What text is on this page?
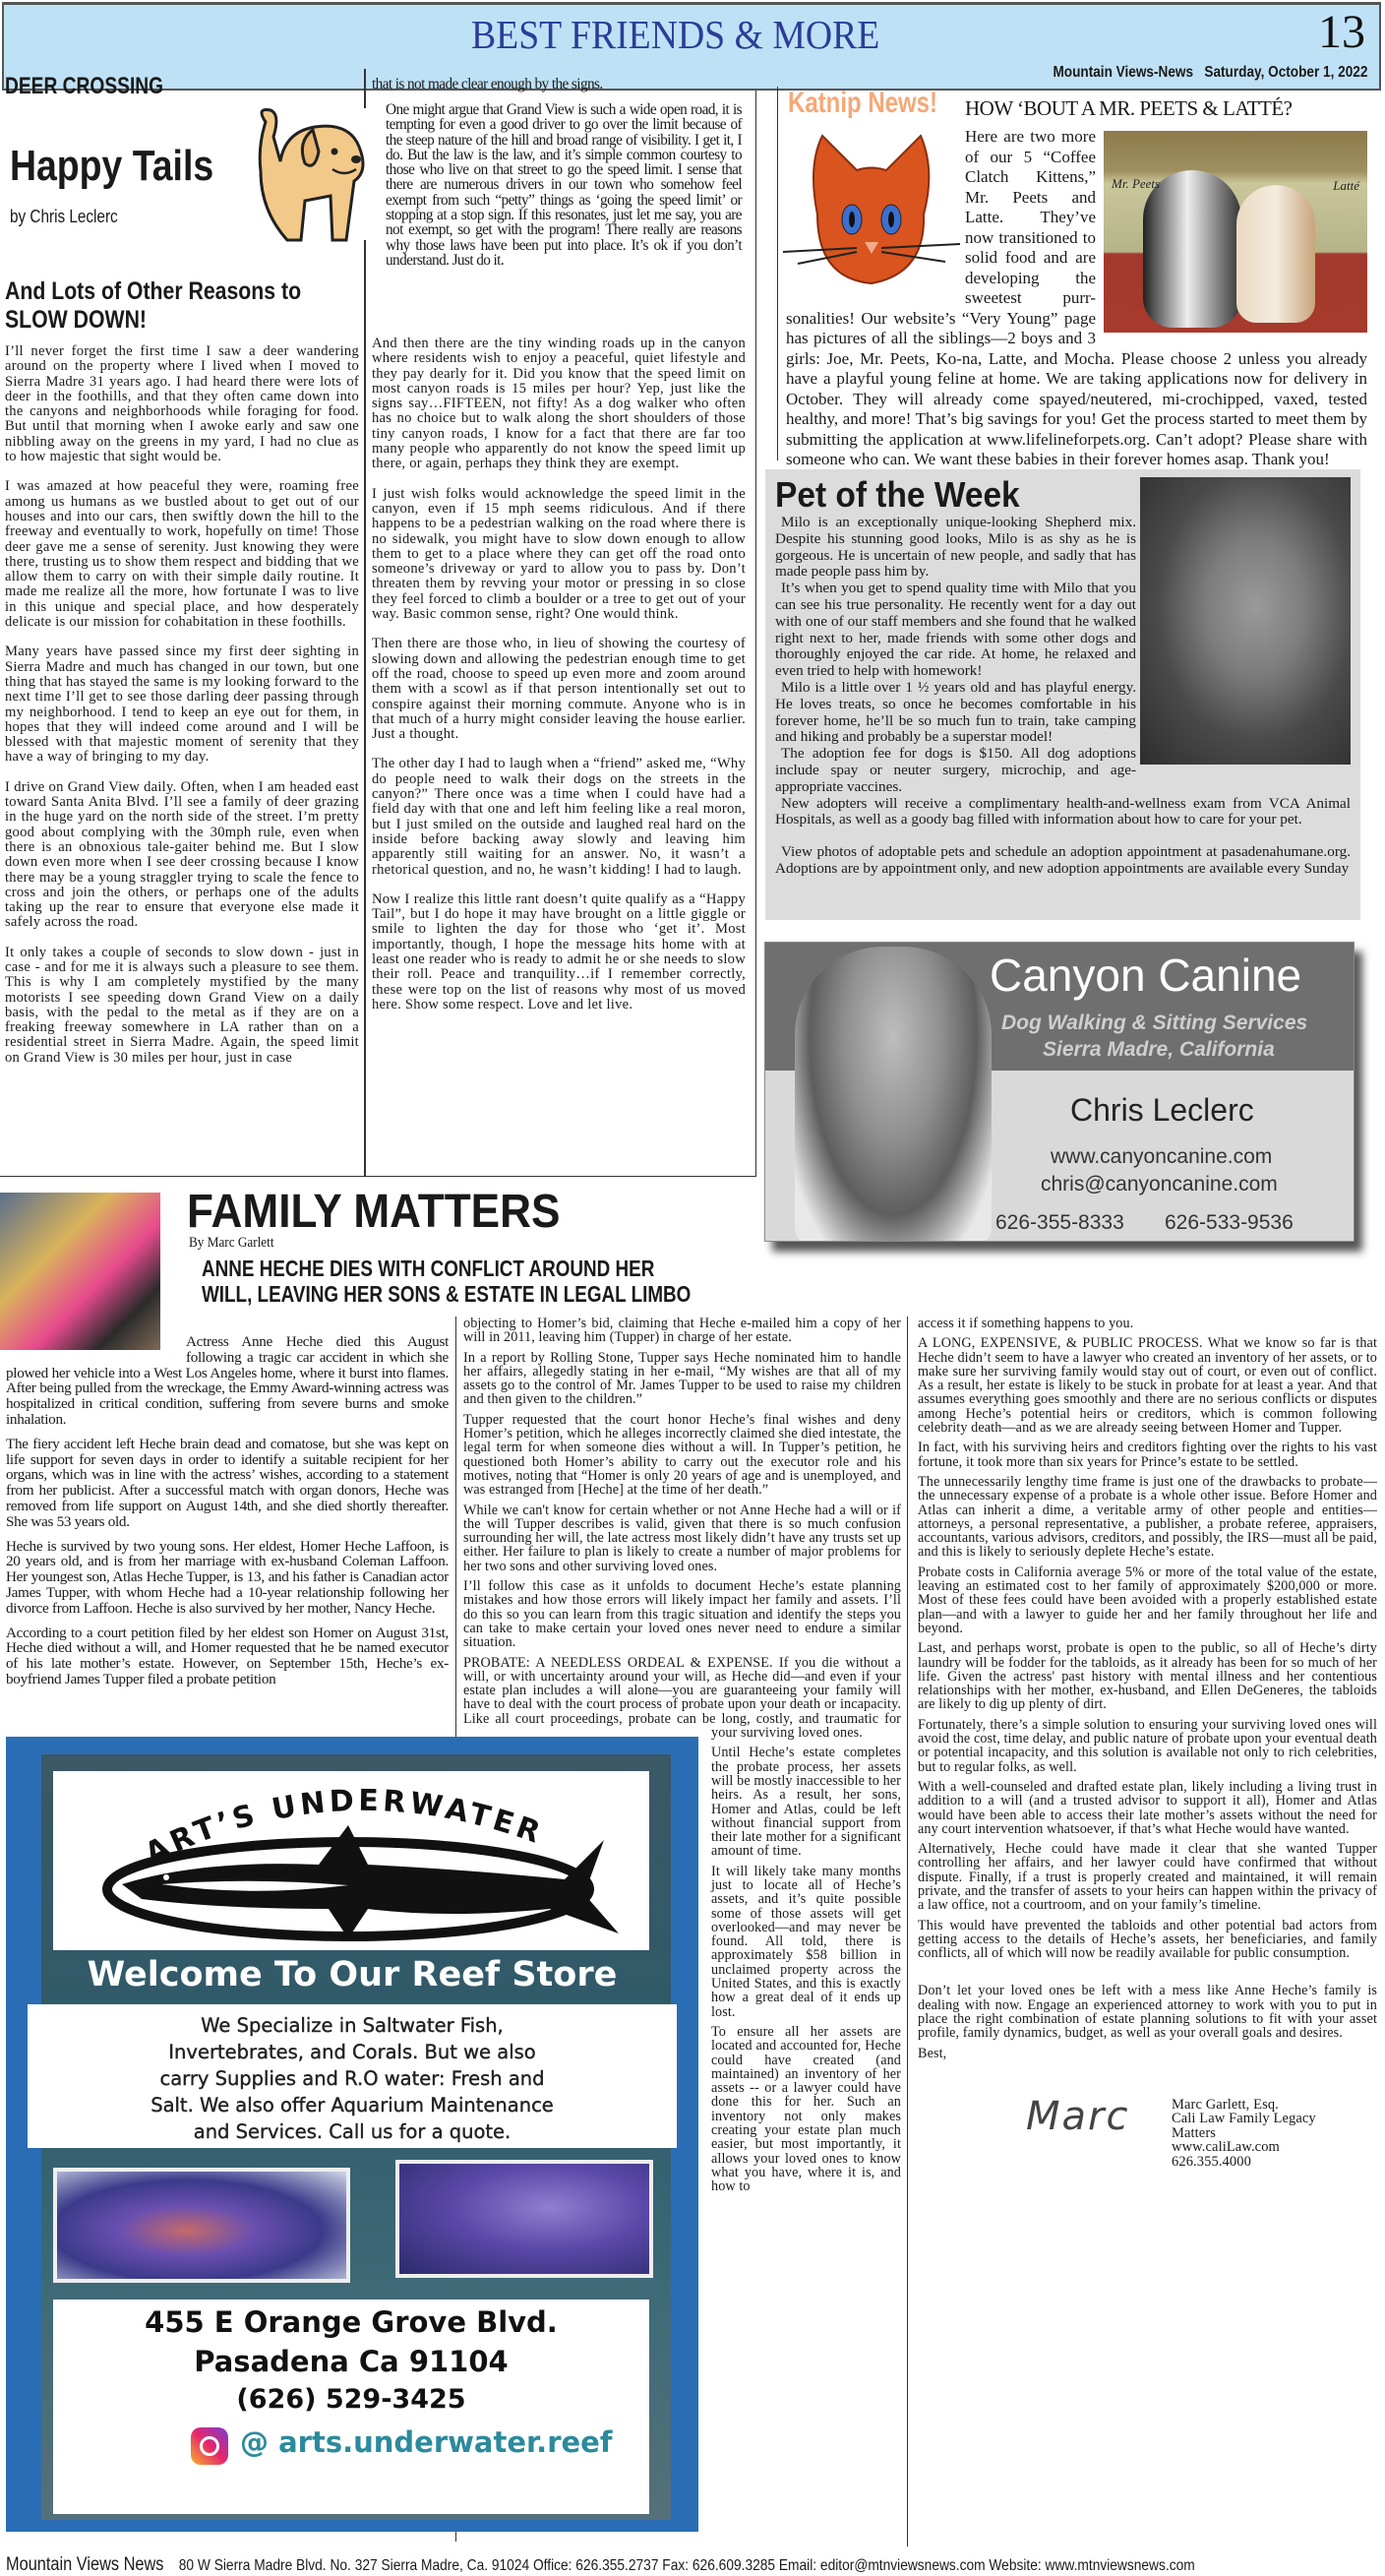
BEST FRIENDS & MORE	13
Mountain Views-News Saturday, October 1, 2022
DEER CROSSING
Happy Tails
by Chris Leclerc
And Lots of Other Reasons to SLOW DOWN!

I’ll never forget the first time I saw a deer wandering around on the property where I lived when I moved to Sierra Madre 31 years ago. I had heard there were lots of deer in the foothills, and that they often came down into the canyons and neighborhoods while foraging for food. But until that morning when I awoke early and saw one nibbling away on the greens in my yard, I had no clue as to how majestic that sight would be.

I was amazed at how peaceful they were, roaming free among us humans as we bustled about to get out of our houses and into our cars, then swiftly down the hill to the freeway and eventually to work, hopefully on time! Those deer gave me a sense of serenity. Just knowing they were there, trusting us to show them respect and bidding that we allow them to carry on with their simple daily routine. It made me realize all the more, how fortunate I was to live in this unique and special place, and how desperately delicate is our mission for cohabitation in these foothills.

Many years have passed since my first deer sighting in Sierra Madre and much has changed in our town, but one thing that has stayed the same is my looking forward to the next time I’ll get to see those darling deer passing through my neighborhood. I tend to keep an eye out for them, in hopes that they will indeed come around and I will be blessed with that majestic moment of serenity that they have a way of bringing to my day.

I drive on Grand View daily. Often, when I am headed east toward Santa Anita Blvd. I’ll see a family of deer grazing in the huge yard on the north side of the street. I’m pretty good about complying with the 30mph rule, even when there is an obnoxious tale-gaiter behind me. But I slow down even more when I see deer crossing because I know there may be a young straggler trying to scale the fence to cross and join the others, or perhaps one of the adults taking up the rear to ensure that everyone else made it safely across the road.

It only takes a couple of seconds to slow down - just in case - and for me it is always such a pleasure to see them. This is why I am completely mystified by the many motorists I see speeding down Grand View on a daily basis, with the pedal to the metal as if they are on a freaking freeway somewhere in LA rather than on a residential street in Sierra Madre. Again, the speed limit on Grand View is 30 miles per hour, just in case

that is not made clear enough by the signs.
One might argue that Grand View is such a wide open road, it is tempting for even a good driver to go over the limit because of the steep nature of the hill and broad range of visibility. I get it, I do. But the law is the law, and it’s simple common courtesy to those who live on that street to go the speed limit. I sense that there are numerous drivers in our town who somehow feel exempt from such “petty” things as ‘going the speed limit’ or stopping at a stop sign. If this resonates, just let me say, you are not exempt, so get with the program! There really are reasons why those laws have been put into place. It’s ok if you don’t understand. Just do it.

And then there are the tiny winding roads up in the canyon where residents wish to enjoy a peaceful, quiet lifestyle and they pay dearly for it. Did you know that the speed limit on most canyon roads is 15 miles per hour? Yep, just like the signs say…FIFTEEN, not fifty! As a dog walker who often has no choice but to walk along the short shoulders of those tiny canyon roads, I know for a fact that there are far too many people who apparently do not know the speed limit up there, or again, perhaps they think they are exempt.

I just wish folks would acknowledge the speed limit in the canyon, even if 15 mph seems ridiculous. And if there happens to be a pedestrian walking on the road where there is no sidewalk, you might have to slow down enough to allow them to get to a place where they can get off the road onto someone’s driveway or yard to allow you to pass by. Don’t threaten them by revving your motor or pressing in so close they feel forced to climb a boulder or a tree to get out of your way. Basic common sense, right? One would think.

Then there are those who, in lieu of showing the courtesy of slowing down and allowing the pedestrian enough time to get off the road, choose to speed up even more and zoom around them with a scowl as if that person intentionally set out to conspire against their morning commute. Anyone who is in that much of a hurry might consider leaving the house earlier. Just a thought.

The other day I had to laugh when a “friend” asked me, “Why do people need to walk their dogs on the streets in the canyon?” There once was a time when I could have had a field day with that one and left him feeling like a real moron, but I just smiled on the outside and laughed real hard on the inside before backing away slowly and leaving him apparently still waiting for an answer. No, it wasn’t a rhetorical question, and no, he wasn’t kidding! I had to laugh.

Now I realize this little rant doesn’t quite qualify as a “Happy Tail”, but I do hope it may have brought on a little giggle or smile to lighten the day for those who ‘get it’. Most importantly, though, I hope the message hits home with at least one reader who is ready to admit he or she needs to slow their roll. Peace and tranquility…if I remember correctly, these were top on the list of reasons why most of us moved here. Show some respect. Love and let live.

Katnip News!	HOW ‘BOUT A MR. PEETS & LATTÉ?
Mr. Peets	Latté
Here are two more of our 5 “Coffee Clatch Kittens,” Mr. Peets and Latte. They’ve now transitioned to solid food and are developing the sweetest purr-sonalities! Our website’s “Very Young” page has pictures of all the siblings—2 boys and 3 girls: Joe, Mr. Peets, Ko-na, Latte, and Mocha. Please choose 2 unless you already have a playful young feline at home. We are taking applications now for delivery in October. They will already come spayed/neutered, mi-crochipped, vaxed, tested healthy, and more! That’s big savings for you! Get the process started to meet them by submitting the application at www.lifelineforpets.org. Can’t adopt? Please share with someone who can. We want these babies in their forever homes asap. Thank you!
Pet of the Week

Milo is an exceptionally unique-looking Shepherd mix. Despite his stunning good looks, Milo is as shy as he is gorgeous. He is uncertain of new people, and sadly that has made people pass him by.

It’s when you get to spend quality time with Milo that you can see his true personality. He recently went for a day out with one of our staff members and she found that he walked right next to her, made friends with some other dogs and thoroughly enjoyed the car ride. At home, he relaxed and even tried to help with homework!

Milo is a little over 1 ½ years old and has playful energy. He loves treats, so once he becomes comfortable in his forever home, he’ll be so much fun to train, take camping and hiking and probably be a superstar model!

The adoption fee for dogs is $150. All dog adoptions include spay or neuter surgery, microchip, and age-appropriate vaccines.

New adopters will receive a complimentary health-and-wellness exam from VCA Animal Hospitals, as well as a goody bag filled with information about how to care for your pet.

View photos of adoptable pets and schedule an adoption appointment at pasadenahumane.org. Adoptions are by appointment only, and new adoption appointments are available every Sunday

Canyon Canine
Dog Walking & Sitting Services
Sierra Madre, California
Chris Leclerc
www.canyoncanine.com
chris@canyoncanine.com
626-355-8333 626-533-9536
FAMILY MATTERS
By Marc Garlett
ANNE HECHE DIES WITH CONFLICT AROUND HER
WILL, LEAVING HER SONS & ESTATE IN LEGAL LIMBO

Actress Anne Heche died this August following a tragic car accident in which she plowed her vehicle into a West Los Angeles home, where it burst into flames. After being pulled from the wreckage, the Emmy Award-winning actress was hospitalized in critical condition, suffering from severe burns and smoke inhalation.

The fiery accident left Heche brain dead and comatose, but she was kept on life support for seven days in order to identify a suitable recipient for her organs, which was in line with the actress’ wishes, according to a statement from her publicist. After a successful match with organ donors, Heche was removed from life support on August 14th, and she died shortly thereafter. She was 53 years old.

Heche is survived by two young sons. Her eldest, Homer Heche Laffoon, is 20 years old, and is from her marriage with ex-husband Coleman Laffoon. Her youngest son, Atlas Heche Tupper, is 13, and his father is Canadian actor James Tupper, with whom Heche had a 10-year relationship following her divorce from Laffoon. Heche is also survived by her mother, Nancy Heche.

According to a court petition filed by her eldest son Homer on August 31st, Heche died without a will, and Homer requested that he be named executor of his late mother’s estate. However, on September 15th, Heche’s ex-boyfriend James Tupper filed a probate petition

objecting to Homer’s bid, claiming that Heche e-mailed him a copy of her will in 2011, leaving him (Tupper) in charge of her estate.

In a report by Rolling Stone, Tupper says Heche nominated him to handle her affairs, allegedly stating in her e-mail, “My wishes are that all of my assets go to the control of Mr. James Tupper to be used to raise my children and then given to the children.”

Tupper requested that the court honor Heche’s final wishes and deny Homer’s petition, which he alleges incorrectly claimed she died intestate, the legal term for when someone dies without a will. In Tupper’s petition, he questioned both Homer’s ability to carry out the executor role and his motives, noting that “Homer is only 20 years of age and is unemployed, and was estranged from [Heche] at the time of her death.”

While we can't know for certain whether or not Anne Heche had a will or if the will Tupper describes is valid, given that there is so much confusion surrounding her will, the late actress most likely didn’t have any trusts set up either. Her failure to plan is likely to create a number of major problems for her two sons and other surviving loved ones.

I’ll follow this case as it unfolds to document Heche’s estate planning mistakes and how those errors will likely impact her family and assets. I’ll do this so you can learn from this tragic situation and identify the steps you can take to make certain your loved ones never need to endure a similar situation.

PROBATE: A NEEDLESS ORDEAL & EXPENSE. If you die without a will, or with uncertainty around your will, as Heche did—and even if your estate plan includes a will alone—you are guaranteeing your family will have to deal with the court process of probate upon your death or incapacity. Like all court proceedings, probate can be long, costly, and traumatic for your surviving loved ones.

Until Heche’s estate completes the probate process, her assets will be mostly inaccessible to her heirs. As a result, her sons, Homer and Atlas, could be left without financial support from their late mother for a significant amount of time.

It will likely take many months just to locate all of Heche’s assets, and it’s quite possible some of those assets will get overlooked—and may never be found. All told, there is approximately $58 billion in unclaimed property across the United States, and this is exactly how a great deal of it ends up lost.

To ensure all her assets are located and accounted for, Heche could have created (and maintained) an inventory of her assets -- or a lawyer could have done this for her. Such an inventory not only makes creating your estate plan much easier, but most importantly, it allows your loved ones to know what you have, where it is, and how to

access it if something happens to you.

A LONG, EXPENSIVE, & PUBLIC PROCESS. What we know so far is that Heche didn’t seem to have a lawyer who created an inventory of her assets, or to make sure her surviving family would stay out of court, or even out of conflict. As a result, her estate is likely to be stuck in probate for at least a year. And that assumes everything goes smoothly and there are no serious conflicts or disputes among Heche’s potential heirs or creditors, which is common following celebrity death—and as we are already seeing between Homer and Tupper.

In fact, with his surviving heirs and creditors fighting over the rights to his vast fortune, it took more than six years for Prince’s estate to be settled.

The unnecessarily lengthy time frame is just one of the drawbacks to probate—the unnecessary expense of a probate is a whole other issue. Before Homer and Atlas can inherit a dime, a veritable army of other people and entities—attorneys, a personal representative, a publisher, a probate referee, appraisers, accountants, various advisors, creditors, and possibly, the IRS—must all be paid, and this is likely to seriously deplete Heche’s estate.

Probate costs in California average 5% or more of the total value of the estate, leaving an estimated cost to her family of approximately $200,000 or more. Most of these fees could have been avoided with a properly established estate plan—and with a lawyer to guide her and her family throughout her life and beyond.

Last, and perhaps worst, probate is open to the public, so all of Heche’s dirty laundry will be fodder for the tabloids, as it already has been for so much of her life. Given the actress' past history with mental illness and her contentious relationships with her mother, ex-husband, and Ellen DeGeneres, the tabloids are likely to dig up plenty of dirt.

Fortunately, there’s a simple solution to ensuring your surviving loved ones will avoid the cost, time delay, and public nature of probate upon your eventual death or potential incapacity, and this solution is available not only to rich celebrities, but to regular folks, as well.

With a well-counseled and drafted estate plan, likely including a living trust in addition to a will (and a trusted advisor to support it all), Homer and Atlas would have been able to access their late mother’s assets without the need for any court intervention whatsoever, if that’s what Heche would have wanted.

Alternatively, Heche could have made it clear that she wanted Tupper controlling her affairs, and her lawyer could have confirmed that without dispute. Finally, if a trust is properly created and maintained, it will remain private, and the transfer of assets to your heirs can happen within the privacy of a law office, not a courtroom, and on your family’s timeline.

This would have prevented the tabloids and other potential bad actors from getting access to the details of Heche’s assets, her beneficiaries, and family conflicts, all of which will now be readily available for public consumption.

Don’t let your loved ones be left with a mess like Anne Heche’s family is dealing with now. Engage an experienced attorney to work with you to put in place the right combination of estate planning solutions to fit with your asset profile, family dynamics, budget, as well as your overall goals and desires.

Best,

Marc	Marc Garlett, Esq.
Cali Law Family Legacy
Matters
www.caliLaw.com
626.355.4000
ART’S UNDERWATER
Welcome To Our Reef Store
We Specialize in Saltwater Fish,
Invertebrates, and Corals. But we also
carry Supplies and R.O water: Fresh and
Salt. We also offer Aquarium Maintenance
and Services. Call us for a quote.
455 E Orange Grove Blvd.
Pasadena Ca 91104
(626) 529-3425
@ arts.underwater.reef
Mountain Views News 80 W Sierra Madre Blvd. No. 327 Sierra Madre, Ca. 91024 Office: 626.355.2737 Fax: 626.609.3285 Email: editor@mtnviewsnews.com Website: www.mtnviewsnews.com
